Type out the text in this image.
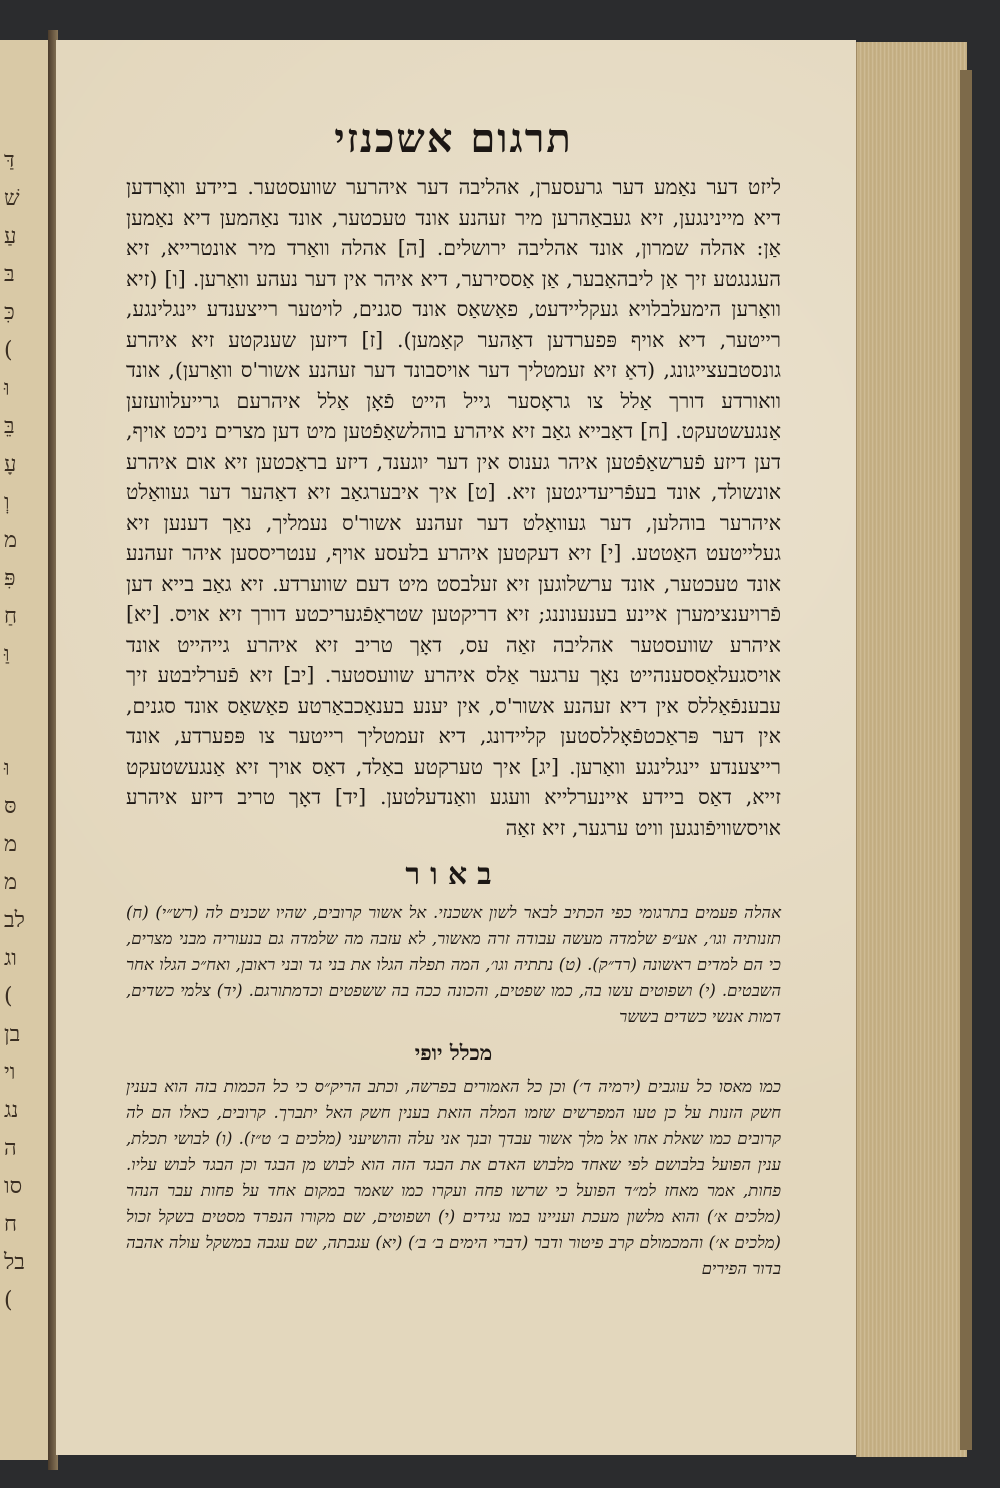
דַּ
שׁ
עַ
בּ
כִּ
(
וּ
בֵּ
עָ
וְ
מ
פִּ
חַ
וַּ
וּ
סּ
מ
מ
לב
וג
(
בן
וי
נג
ה
סו
ח
בל
(
תרגום אשכנזי

ליזט דער נאַמע דער גרעסערן, אהליבה דער איהרער שוועסטער. ביידע וואָרדען דיא מיינינגען, זיא געבאַהרען מיר זעהנע אונד טעכטער, אונד נאַהמען דיא נאַמען אַן: אהלה שמרון, אונד אהליבה ירושלים. [ה] אהלה וואַרד מיר אונטרייא, זיא העגנגטע זיך אַן ליבהאַבער, אַן אַססירער, דיא איהר אין דער נעהע וואַרען. [ו] (זיא וואַרען הימעלבלויא געקליידעט, פאַשאַס אונד סגנים, לויטער רייצענדע יינגלינגע, רייטער, דיא אויף פּפערדען דאַהער קאַמען). [ז] דיזען שענקטע זיא איהרע גונסטבעצייגונג, (דאַ זיא זעמטליך דער אויסבונד דער זעהנע אשור'ס וואַרען), אונד וואורדע דורך אַלל צו גראָסער גייל הייט פֿאָן אַלל איהרעם גרייעלוועזען אַנגעשטעקט. [ח] דאַבייא גאַב זיא איהרע בוהלשאַפֿטען מיט דען מצרים ניכט אויף, דען דיזע פֿערשאַפֿטען איהר גענוס אין דער יוגענד, דיזע בראַכטען זיא אום איהרע אונשולד, אונד בעפֿריעדיגטען זיא. [ט] איך איבערגאַב זיא דאַהער דער געוואַלט איהרער בוהלען, דער געוואַלט דער זעהנע אשור'ס נעמליך, נאַך דענען זיא געלייטעט האַטטע. [י] זיא דעקטען איהרע בלעסע אויף, ענטריססען איהר זעהנע אונד טעכטער, אונד ערשלוגען זיא זעלבסט מיט דעם שווערדע. זיא גאַב בייא דען פֿרויענצימערן איינע בענענוננג; זיא דריקטען שטראַפֿגעריכטע דורך זיא אויס. [יא] איהרע שוועסטער אהליבה זאַה עס, דאָך טריב זיא איהרע גייהייט אונד אויסגעלאַססענהייט נאָך ערגער אַלס איהרע שוועסטער. [יב] זיא פֿערליבטע זיך עבענפֿאַללס אין דיא זעהנע אשור'ס, אין יענע בענאַכבאַרטע פאַשאַס אונד סגנים, אין דער פּראַכטפֿאָללסטען קליידונג, דיא זעמטליך רייטער צו פּפערדע, אונד רייצענדע יינגלינגע וואַרען. [יג] איך טערקטע באַלד, דאַס אויך זיא אַנגעשטעקט זייא, דאַס ביידע איינערלייא וועגע וואַנדעלטען. [יד] דאָך טריב דיזע איהרע אויסשוויפֿונגען וויט ערגער, זיא זאַה

באור

אהלה פעמים בתרגומי כפי הכתיב לבאר לשון אשכנזי. אל אשור קרובים, שהיו שכנים לה (רש״י) (ח) תזנותיה וגו׳, אע״פ שלמדה מעשה עבודה זרה מאשור, לא עזבה מה שלמדה גם בנעוריה מבני מצרים, כי הם למדים ראשונה (רד״ק). (ט) נתתיה וגו׳, המה תפלה הגלו את בני גד ובני ראובן, ואח״כ הגלו אחר השבטים. (י) ושפוטים עשו בה, כמו שפטים, והכונה ככה בה ששפטים וכדמתורגם. (יד) צלמי כשדים, דמות אנשי כשדים בששר

מכלל יופי

כמו מאסו כל עוגבים (ירמיה ד׳) וכן כל האמורים בפרשה, וכתב הריק״ס כי כל הכמות בזה הוא בענין חשק הזנות על כן טעו המפרשים שזמו המלה הזאת בענין חשק האל יתברך. קרובים, כאלו הם לה קרובים כמו שאלת אחו אל מלך אשור עבדך ובנך אני עלה והושיעני (מלכים ב׳ ט״ז). (ו) לבושי תכלת, ענין הפועל בלבושם לפי שאחד מלבוש האדם את הבגד הזה הוא לבוש מן הבגד וכן הבגד לבוש עליו. פחות, אמר מאחז למ״ד הפועל כי שרשו פחה ועקרו כמו שאמר במקום אחד על פחות עבר הנהר (מלכים א׳) והוא מלשון מעכת ועניינו במו נגידים (י) ושפוטים, שם מקורו הנפרד מסטים בשקל זכול (מלכים א׳) והמכמולם קרב פיטור ודבר (דברי הימים ב׳ ב׳) (יא) עגבתה, שם עגבה במשקל עולה אהבה בדור הפירים
